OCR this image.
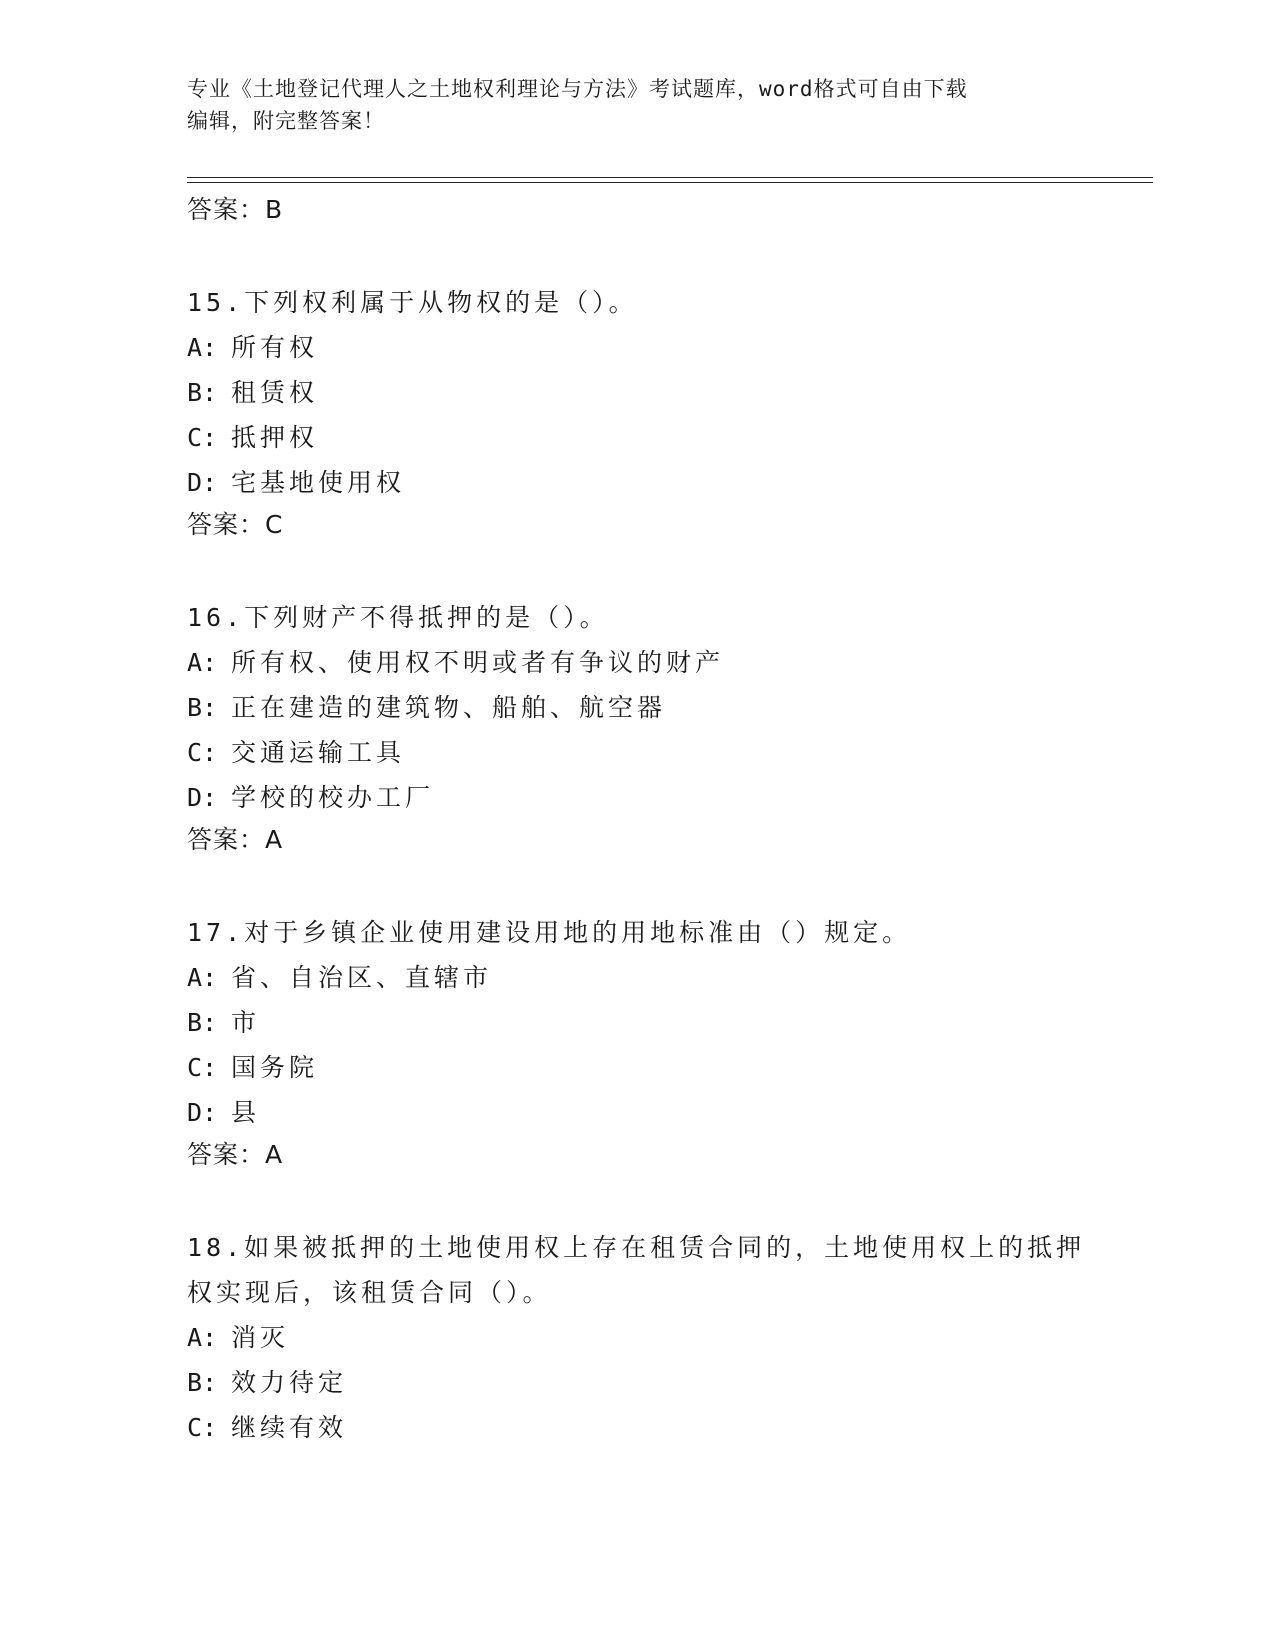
专业《土地登记代理人之土地权利理论与方法》考试题库，word格式可自由下载
编辑，附完整答案！
答案：B
15.下列权利属于从物权的是（）。
A: 所有权
B: 租赁权
C: 抵押权
D: 宅基地使用权
答案：C
16.下列财产不得抵押的是（）。
A: 所有权、使用权不明或者有争议的财产
B: 正在建造的建筑物、船舶、航空器
C: 交通运输工具
D: 学校的校办工厂
答案：A
17.对于乡镇企业使用建设用地的用地标准由（）规定。
A: 省、自治区、直辖市
B: 市
C: 国务院
D: 县
答案：A
18.如果被抵押的土地使用权上存在租赁合同的，土地使用权上的抵押
权实现后，该租赁合同（）。
A: 消灭
B: 效力待定
C: 继续有效
